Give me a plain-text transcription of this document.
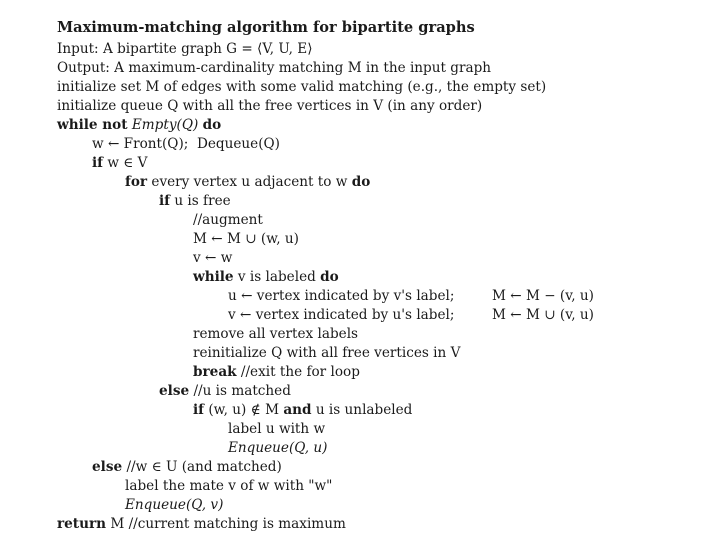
Maximum-matching algorithm for bipartite graphs
Input: A bipartite graph G = ⟨V, U, E⟩
Output: A maximum-cardinality matching M in the input graph
initialize set M of edges with some valid matching (e.g., the empty set)
initialize queue Q with all the free vertices in V (in any order)
while not Empty(Q) do
w ← Front(Q);  Dequeue(Q)
if w ∈ V
for every vertex u adjacent to w do
if u is free
//augment
M ← M ∪ (w, u)
v ← w
while v is labeled do
u ← vertex indicated by v's label;	M ← M − (v, u)
v ← vertex indicated by u's label;	M ← M ∪ (v, u)
remove all vertex labels
reinitialize Q with all free vertices in V
break //exit the for loop
else //u is matched
if (w, u) ∉ M and u is unlabeled
label u with w
Enqueue(Q, u)
else //w ∈ U (and matched)
label the mate v of w with "w"
Enqueue(Q, v)
return M //current matching is maximum
